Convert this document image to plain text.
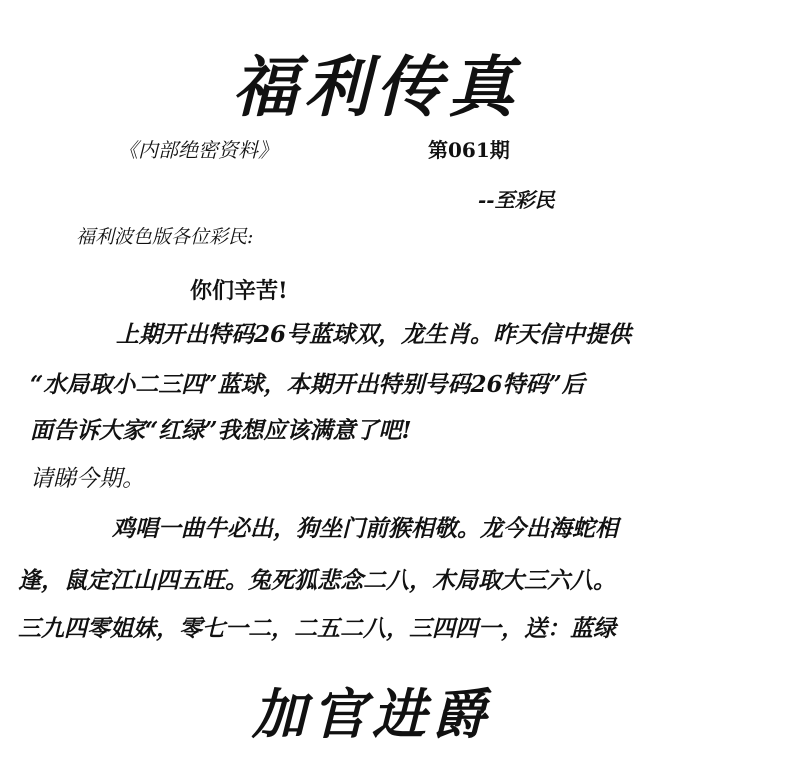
福利传真
《内部绝密资料》	第061期
--至彩民
福利波色版各位彩民:
你们辛苦!
上期开出特码26号蓝球双，龙生肖。昨天信中提供
“水局取小二三四”蓝球，本期开出特别号码26特码”后
面告诉大家“红绿”我想应该满意了吧!
请睇今期。
鸡唱一曲牛必出，狗坐门前猴相敬。龙今出海蛇相
逢，鼠定江山四五旺。兔死狐悲念二八，木局取大三六八。
三九四零姐妹，零七一二，二五二八，三四四一，送：蓝绿
加官进爵
